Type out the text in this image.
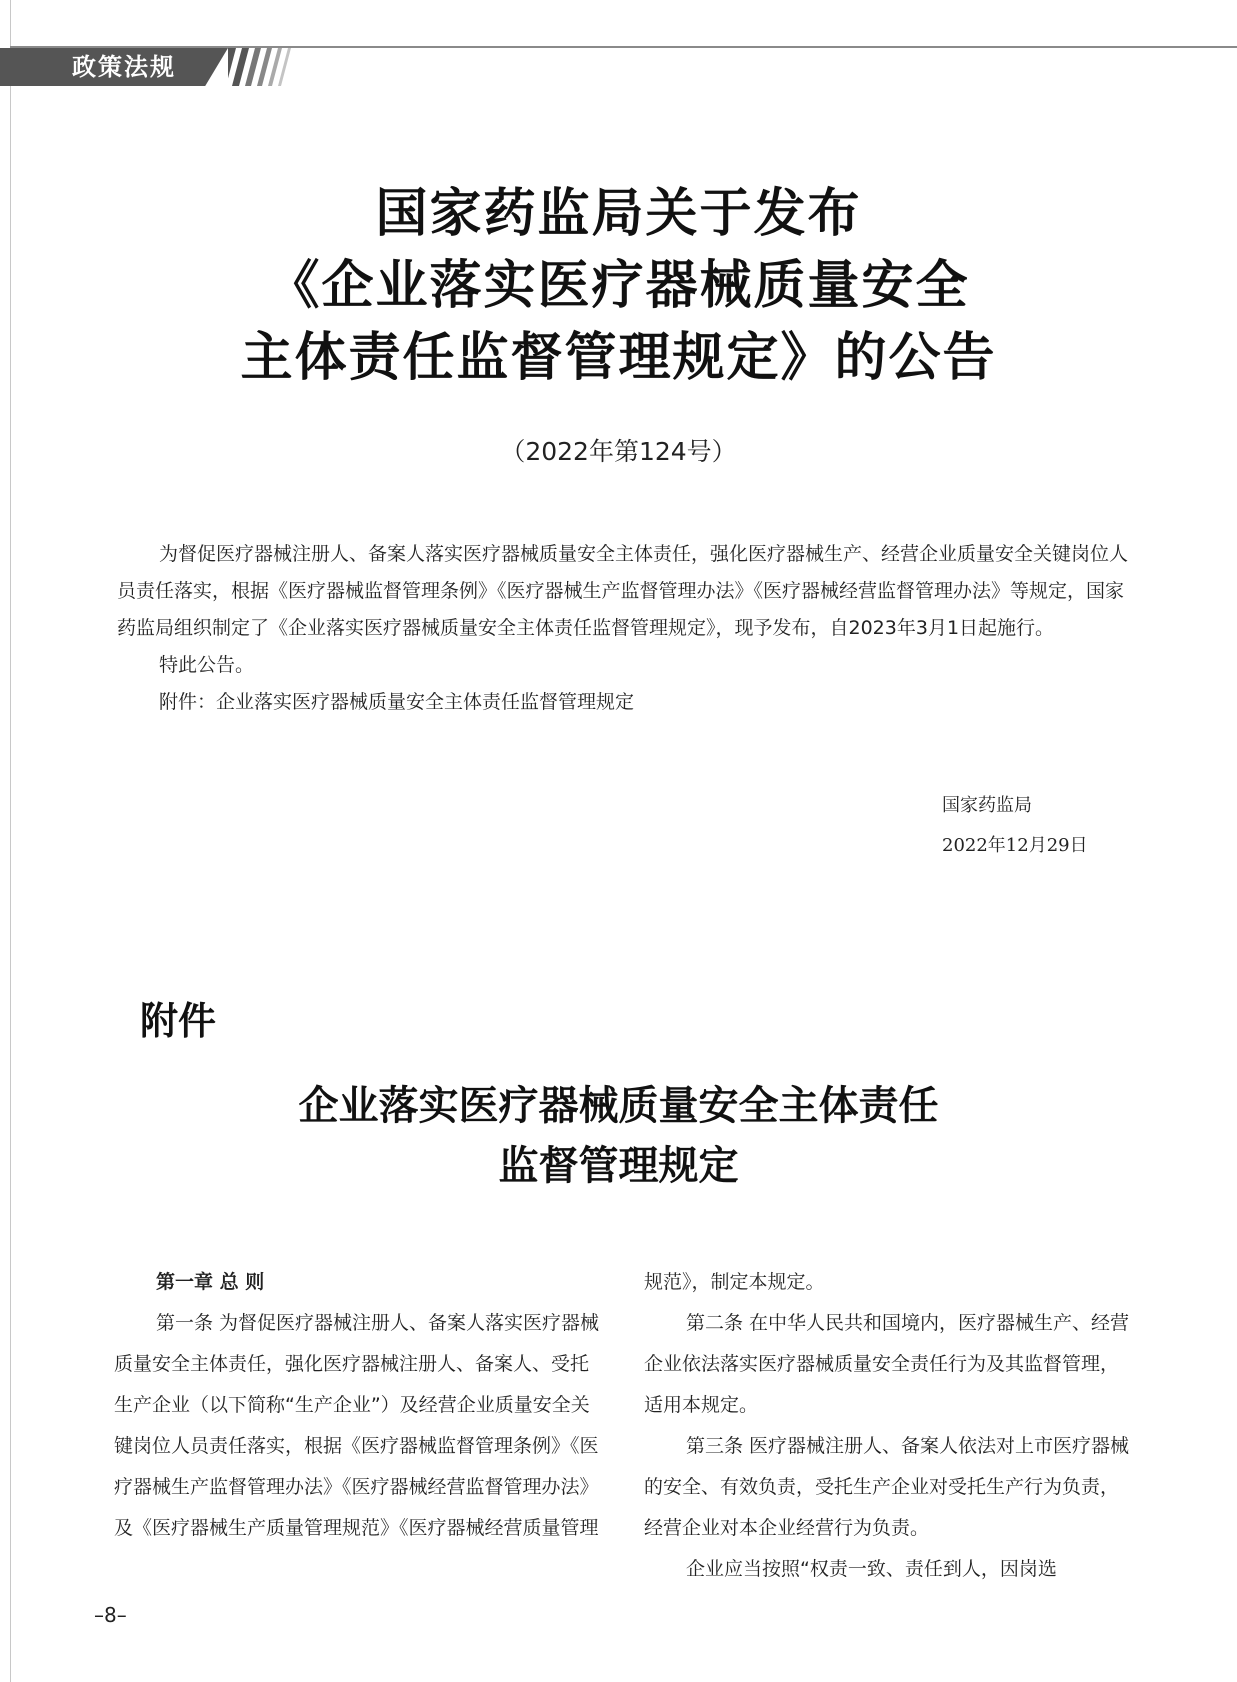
政策法规
国家药监局关于发布
《企业落实医疗器械质量安全
主体责任监督管理规定》的公告
（2022年第124号）

为督促医疗器械注册人、备案人落实医疗器械质量安全主体责任，强化医疗器械生产、经营企业质量安全关键岗位人员责任落实，根据《医疗器械监督管理条例》《医疗器械生产监督管理办法》《医疗器械经营监督管理办法》等规定，国家药监局组织制定了《企业落实医疗器械质量安全主体责任监督管理规定》，现予发布，自2023年3月1日起施行。

特此公告。

附件：企业落实医疗器械质量安全主体责任监督管理规定

国家药监局
2022年12月29日
附件
企业落实医疗器械质量安全主体责任
监督管理规定

第一章 总 则

第一条 为督促医疗器械注册人、备案人落实医疗器械质量安全主体责任，强化医疗器械注册人、备案人、受托生产企业（以下简称“生产企业”）及经营企业质量安全关键岗位人员责任落实，根据《医疗器械监督管理条例》《医疗器械生产监督管理办法》《医疗器械经营监督管理办法》及《医疗器械生产质量管理规范》《医疗器械经营质量管理

规范》，制定本规定。

第二条 在中华人民共和国境内，医疗器械生产、经营企业依法落实医疗器械质量安全责任行为及其监督管理，适用本规定。

第三条 医疗器械注册人、备案人依法对上市医疗器械的安全、有效负责，受托生产企业对受托生产行为负责，经营企业对本企业经营行为负责。

企业应当按照“权责一致、责任到人，因岗选

–8–
